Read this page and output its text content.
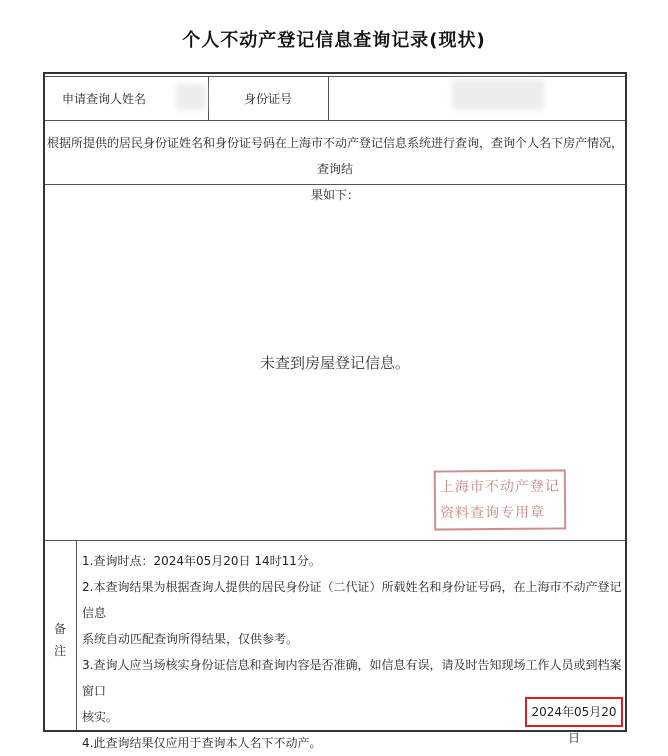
个人不动产登记信息查询记录(现状)
申请查询人姓名	身份证号
根据所提供的居民身份证姓名和身份证号码在上海市不动产登记信息系统进行查询，查询个人名下房产情况，查询结
果如下：
未查到房屋登记信息。
上海市不动产登记
资料查询专用章
备
注
1.查询时点：2024年05月20日 14时11分。
2.本查询结果为根据查询人提供的居民身份证（二代证）所载姓名和身份证号码，在上海市不动产登记信息
系统自动匹配查询所得结果，仅供参考。
3.查询人应当场核实身份证信息和查询内容是否准确，如信息有误，请及时告知现场工作人员或到档案窗口
核实。
4.此查询结果仅应用于查询本人名下不动产。
2024年05月20日
